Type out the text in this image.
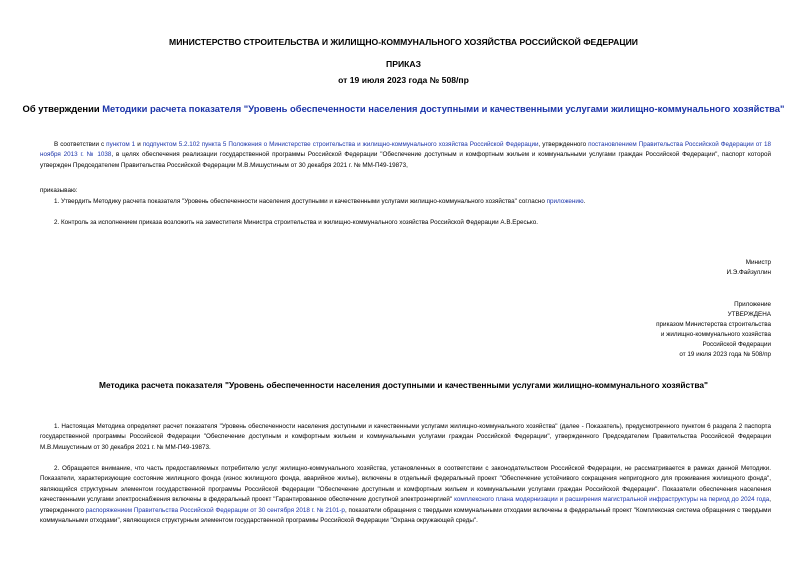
МИНИСТЕРСТВО СТРОИТЕЛЬСТВА И ЖИЛИЩНО-КОММУНАЛЬНОГО ХОЗЯЙСТВА РОССИЙСКОЙ ФЕДЕРАЦИИ
ПРИКАЗ
от 19 июля 2023 года № 508/пр
Об утверждении Методики расчета показателя "Уровень обеспеченности населения доступными и качественными услугами жилищно-коммунального хозяйства"
В соответствии с пунктом 1 и подпунктом 5.2.102 пункта 5 Положения о Министерстве строительства и жилищно-коммунального хозяйства Российской Федерации, утвержденного постановлением Правительства Российской Федерации от 18 ноября 2013 г. № 1038, в целях обеспечения реализации государственной программы Российской Федерации "Обеспечение доступным и комфортным жильем и коммунальными услугами граждан Российской Федерации", паспорт которой утвержден Председателем Правительства Российской Федерации М.В.Мишустиным от 30 декабря 2021 г. № ММ-П49-19873,
приказываю:
1. Утвердить Методику расчета показателя "Уровень обеспеченности населения доступными и качественными услугами жилищно-коммунального хозяйства" согласно приложению.
2. Контроль за исполнением приказа возложить на заместителя Министра строительства и жилищно-коммунального хозяйства Российской Федерации А.В.Ересько.
Министр
И.Э.Файзуллин
Приложение
УТВЕРЖДЕНА
приказом Министерства строительства
и жилищно-коммунального хозяйства
Российской Федерации
от 19 июля 2023 года № 508/пр
Методика расчета показателя "Уровень обеспеченности населения доступными и качественными услугами жилищно-коммунального хозяйства"
1. Настоящая Методика определяет расчет показателя "Уровень обеспеченности населения доступными и качественными услугами жилищно-коммунального хозяйства" (далее - Показатель), предусмотренного пунктом 6 раздела 2 паспорта государственной программы Российской Федерации "Обеспечение доступным и комфортным жильем и коммунальными услугами граждан Российской Федерации", утвержденного Председателем Правительства Российской Федерации М.В.Мишустиным от 30 декабря 2021 г. № ММ-П49-19873.
2. Обращается внимание, что часть предоставляемых потребителю услуг жилищно-коммунального хозяйства, установленных в соответствии с законодательством Российской Федерации, не рассматривается в рамках данной Методики. Показатели, характеризующие состояние жилищного фонда (износ жилищного фонда, аварийное жилье), включены в отдельный федеральный проект "Обеспечение устойчивого сокращения непригодного для проживания жилищного фонда", являющийся структурным элементом государственной программы Российской Федерации "Обеспечение доступным и комфортным жильем и коммунальными услугами граждан Российской Федерации". Показатели обеспечения населения качественными услугами электроснабжения включены в федеральный проект "Гарантированное обеспечение доступной электроэнергией" комплексного плана модернизации и расширения магистральной инфраструктуры на период до 2024 года, утвержденного распоряжением Правительства Российской Федерации от 30 сентября 2018 г. № 2101-р, показатели обращения с твердыми коммунальными отходами включены в федеральный проект "Комплексная система обращения с твердыми коммунальными отходами", являющихся структурным элементом государственной программы Российской Федерации "Охрана окружающей среды".
